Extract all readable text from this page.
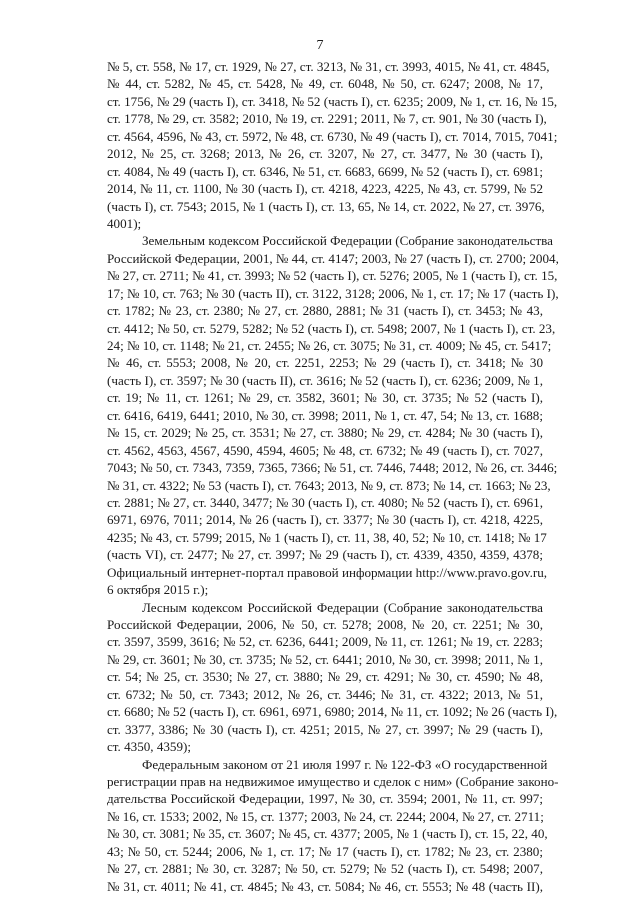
7
№ 5, ст. 558, № 17, ст. 1929, № 27, ст. 3213, № 31, ст. 3993, 4015, № 41, ст. 4845,
№ 44, ст. 5282, № 45, ст. 5428, № 49, ст. 6048, № 50, ст. 6247; 2008, № 17,
ст. 1756, № 29 (часть I), ст. 3418, № 52 (часть I), ст. 6235; 2009, № 1, ст. 16, № 15,
ст. 1778, № 29, ст. 3582; 2010, № 19, ст. 2291; 2011, № 7, ст. 901, № 30 (часть I),
ст. 4564, 4596, № 43, ст. 5972, № 48, ст. 6730, № 49 (часть I), ст. 7014, 7015, 7041;
2012, № 25, ст. 3268; 2013, № 26, ст. 3207, № 27, ст. 3477, № 30 (часть I),
ст. 4084, № 49 (часть I), ст. 6346, № 51, ст. 6683, 6699, № 52 (часть I), ст. 6981;
2014, № 11, ст. 1100, № 30 (часть I), ст. 4218, 4223, 4225, № 43, ст. 5799, № 52
(часть I), ст. 7543; 2015, № 1 (часть I), ст. 13, 65, № 14, ст. 2022, № 27, ст. 3976,
4001);
Земельным кодексом Российской Федерации (Собрание законодательства
Российской Федерации, 2001, № 44, ст. 4147; 2003, № 27 (часть I), ст. 2700; 2004,
№ 27, ст. 2711; № 41, ст. 3993; № 52 (часть I), ст. 5276; 2005, № 1 (часть I), ст. 15,
17; № 10, ст. 763; № 30 (часть II), ст. 3122, 3128; 2006, № 1, ст. 17; № 17 (часть I),
ст. 1782; № 23, ст. 2380; № 27, ст. 2880, 2881; № 31 (часть I), ст. 3453; № 43,
ст. 4412; № 50, ст. 5279, 5282; № 52 (часть I), ст. 5498; 2007, № 1 (часть I), ст. 23,
24; № 10, ст. 1148; № 21, ст. 2455; № 26, ст. 3075; № 31, ст. 4009; № 45, ст. 5417;
№ 46, ст. 5553; 2008, № 20, ст. 2251, 2253; № 29 (часть I), ст. 3418; № 30
(часть I), ст. 3597; № 30 (часть II), ст. 3616; № 52 (часть I), ст. 6236; 2009, № 1,
ст. 19; № 11, ст. 1261; № 29, ст. 3582, 3601; № 30, ст. 3735; № 52 (часть I),
ст. 6416, 6419, 6441; 2010, № 30, ст. 3998; 2011, № 1, ст. 47, 54; № 13, ст. 1688;
№ 15, ст. 2029; № 25, ст. 3531; № 27, ст. 3880; № 29, ст. 4284; № 30 (часть I),
ст. 4562, 4563, 4567, 4590, 4594, 4605; № 48, ст. 6732; № 49 (часть I), ст. 7027,
7043; № 50, ст. 7343, 7359, 7365, 7366; № 51, ст. 7446, 7448; 2012, № 26, ст. 3446;
№ 31, ст. 4322; № 53 (часть I), ст. 7643; 2013, № 9, ст. 873; № 14, ст. 1663; № 23,
ст. 2881; № 27, ст. 3440, 3477; № 30 (часть I), ст. 4080; № 52 (часть I), ст. 6961,
6971, 6976, 7011; 2014, № 26 (часть I), ст. 3377; № 30 (часть I), ст. 4218, 4225,
4235; № 43, ст. 5799; 2015, № 1 (часть I), ст. 11, 38, 40, 52; № 10, ст. 1418; № 17
(часть VI), ст. 2477; № 27, ст. 3997; № 29 (часть I), ст. 4339, 4350, 4359, 4378;
Официальный интернет-портал правовой информации http://www.pravo.gov.ru,
6 октября 2015 г.);
Лесным кодексом Российской Федерации (Собрание законодательства
Российской Федерации, 2006, № 50, ст. 5278; 2008, № 20, ст. 2251; № 30,
ст. 3597, 3599, 3616; № 52, ст. 6236, 6441; 2009, № 11, ст. 1261; № 19, ст. 2283;
№ 29, ст. 3601; № 30, ст. 3735; № 52, ст. 6441; 2010, № 30, ст. 3998; 2011, № 1,
ст. 54; № 25, ст. 3530; № 27, ст. 3880; № 29, ст. 4291; № 30, ст. 4590; № 48,
ст. 6732; № 50, ст. 7343; 2012, № 26, ст. 3446; № 31, ст. 4322; 2013, № 51,
ст. 6680; № 52 (часть I), ст. 6961, 6971, 6980; 2014, № 11, ст. 1092; № 26 (часть I),
ст. 3377, 3386; № 30 (часть I), ст. 4251; 2015, № 27, ст. 3997; № 29 (часть I),
ст. 4350, 4359);
Федеральным законом от 21 июля 1997 г. № 122-ФЗ «О государственной
регистрации прав на недвижимое имущество и сделок с ним» (Собрание законо-
дательства Российской Федерации, 1997, № 30, ст. 3594; 2001, № 11, ст. 997;
№ 16, ст. 1533; 2002, № 15, ст. 1377; 2003, № 24, ст. 2244; 2004, № 27, ст. 2711;
№ 30, ст. 3081; № 35, ст. 3607; № 45, ст. 4377; 2005, № 1 (часть I), ст. 15, 22, 40,
43; № 50, ст. 5244; 2006, № 1, ст. 17; № 17 (часть I), ст. 1782; № 23, ст. 2380;
№ 27, ст. 2881; № 30, ст. 3287; № 50, ст. 5279; № 52 (часть I), ст. 5498; 2007,
№ 31, ст. 4011; № 41, ст. 4845; № 43, ст. 5084; № 46, ст. 5553; № 48 (часть II),
